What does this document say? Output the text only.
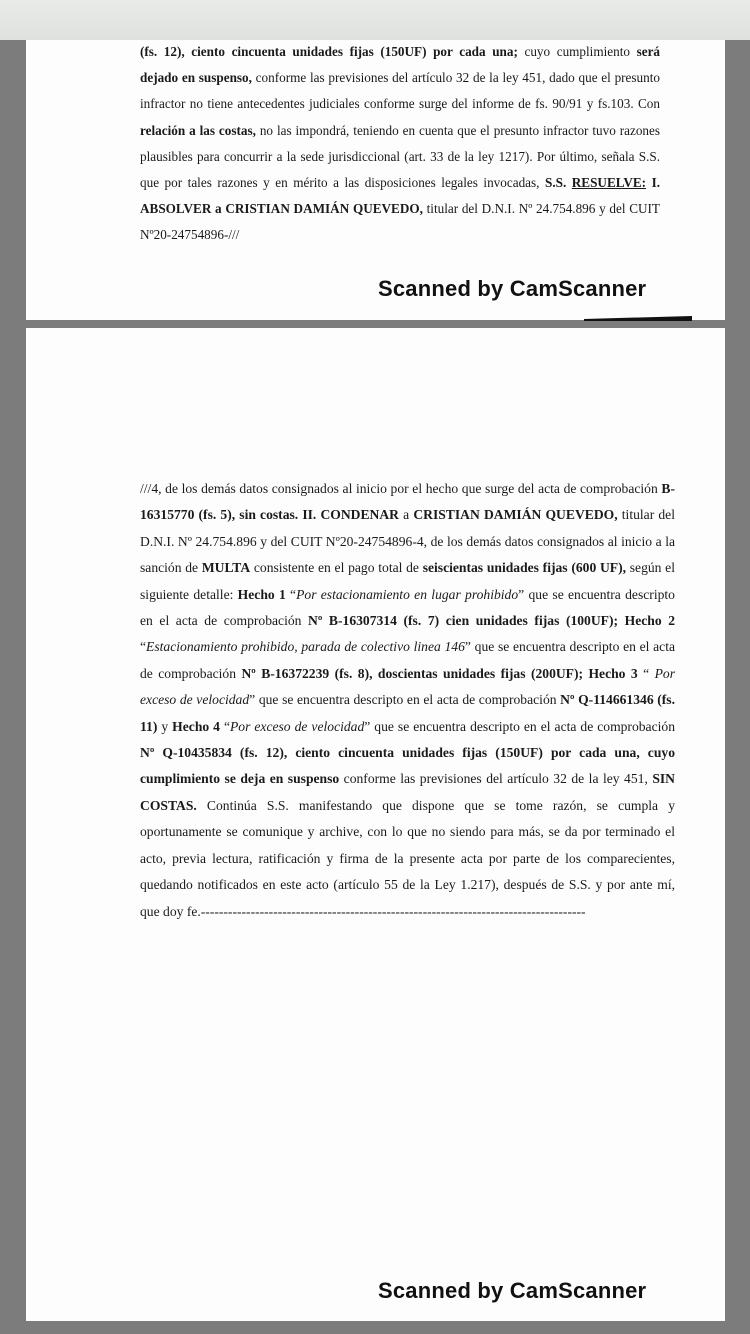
(fs. 12), ciento cincuenta unidades fijas (150UF) por cada una; cuyo cumplimiento será dejado en suspenso, conforme las previsiones del artículo 32 de la ley 451, dado que el presunto infractor no tiene antecedentes judiciales conforme surge del informe de fs. 90/91 y fs.103. Con relación a las costas, no las impondrá, teniendo en cuenta que el presunto infractor tuvo razones plausibles para concurrir a la sede jurisdiccional (art. 33 de la ley 1217). Por último, señala S.S. que por tales razones y en mérito a las disposiciones legales invocadas, S.S. RESUELVE: I. ABSOLVER a CRISTIAN DAMIÁN QUEVEDO, titular del D.N.I. Nº 24.754.896 y del CUIT Nº20-24754896-///

Scanned by CamScanner

///4, de los demás datos consignados al inicio por el hecho que surge del acta de comprobación B-16315770 (fs. 5), sin costas. II. CONDENAR a CRISTIAN DAMIÁN QUEVEDO, titular del D.N.I. Nº 24.754.896 y del CUIT Nº20-24754896-4, de los demás datos consignados al inicio a la sanción de MULTA consistente en el pago total de seiscientas unidades fijas (600 UF), según el siguiente detalle: Hecho 1 “Por estacionamiento en lugar prohibido” que se encuentra descripto en el acta de comprobación Nº B-16307314 (fs. 7) cien unidades fijas (100UF); Hecho 2 “Estacionamiento prohibido, parada de colectivo linea 146” que se encuentra descripto en el acta de comprobación Nº B-16372239 (fs. 8), doscientas unidades fijas (200UF); Hecho 3 “ Por exceso de velocidad” que se encuentra descripto en el acta de comprobación Nº Q-114661346 (fs. 11) y Hecho 4 “Por exceso de velocidad” que se encuentra descripto en el acta de comprobación Nº Q-10435834 (fs. 12), ciento cincuenta unidades fijas (150UF) por cada una, cuyo cumplimiento se deja en suspenso conforme las previsiones del artículo 32 de la ley 451, SIN COSTAS. Continúa S.S. manifestando que dispone que se tome razón, se cumpla y oportunamente se comunique y archive, con lo que no siendo para más, se da por terminado el acto, previa lectura, ratificación y firma de la presente acta por parte de los comparecientes, quedando notificados en este acto (artículo 55 de la Ley 1.217), después de S.S. y por ante mí, que doy fe.-------------------------------------------------------------------------------------

Scanned by CamScanner
